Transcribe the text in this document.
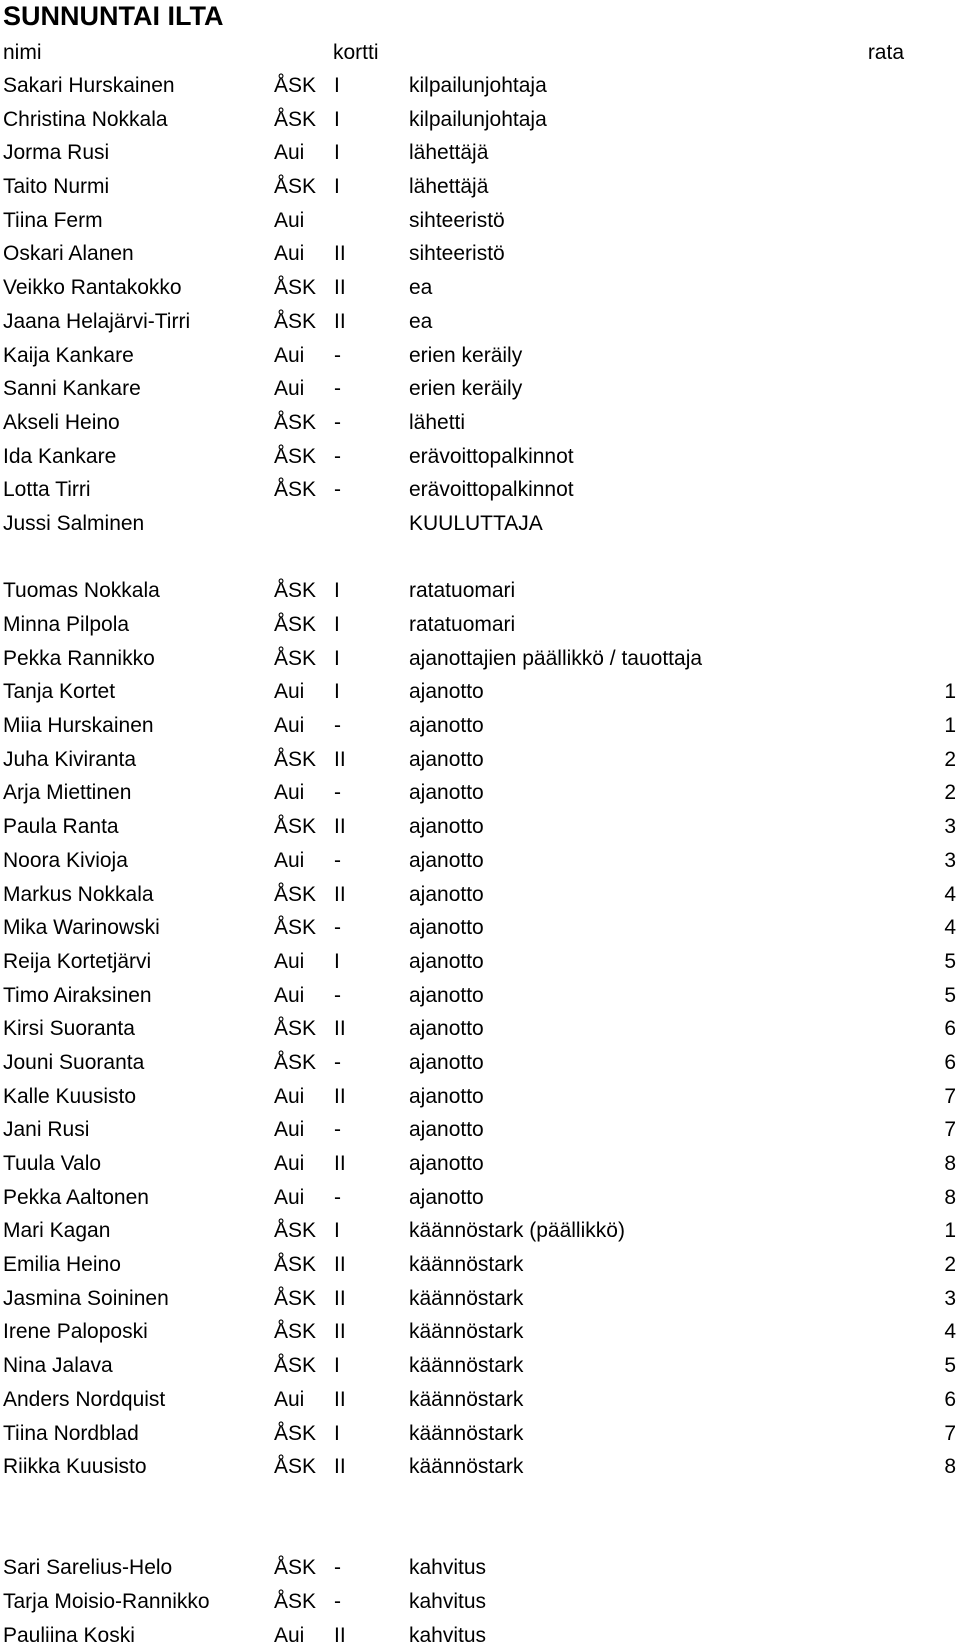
SUNNUNTAI ILTA
nimi	kortti	rata
Sakari Hurskainen	ÅSK I	kilpailunjohtaja
Christina Nokkala	ÅSK I	kilpailunjohtaja
Jorma Rusi	Aui I	lähettäjä
Taito Nurmi	ÅSK I	lähettäjä
Tiina Ferm	Aui	sihteeristö
Oskari Alanen	Aui II	sihteeristö
Veikko Rantakokko	ÅSK II	ea
Jaana Helajärvi-Tirri	ÅSK II	ea
Kaija Kankare	Aui -	erien keräily
Sanni Kankare	Aui -	erien keräily
Akseli Heino	ÅSK -	lähetti
Ida Kankare	ÅSK -	erävoittopalkinnot
Lotta Tirri	ÅSK -	erävoittopalkinnot
Jussi Salminen	KUULUTTAJA
Tuomas Nokkala	ÅSK I	ratatuomari
Minna Pilpola	ÅSK I	ratatuomari
Pekka Rannikko	ÅSK I	ajanottajien päällikkö / tauottaja
Tanja Kortet	Aui I	ajanotto	1
Miia Hurskainen	Aui -	ajanotto	1
Juha Kiviranta	ÅSK II	ajanotto	2
Arja Miettinen	Aui -	ajanotto	2
Paula Ranta	ÅSK II	ajanotto	3
Noora Kivioja	Aui -	ajanotto	3
Markus Nokkala	ÅSK II	ajanotto	4
Mika Warinowski	ÅSK -	ajanotto	4
Reija Kortetjärvi	Aui I	ajanotto	5
Timo Airaksinen	Aui -	ajanotto	5
Kirsi Suoranta	ÅSK II	ajanotto	6
Jouni Suoranta	ÅSK -	ajanotto	6
Kalle Kuusisto	Aui II	ajanotto	7
Jani Rusi	Aui -	ajanotto	7
Tuula Valo	Aui II	ajanotto	8
Pekka Aaltonen	Aui -	ajanotto	8
Mari Kagan	ÅSK I	käännöstark (päällikkö)	1
Emilia Heino	ÅSK II	käännöstark	2
Jasmina Soininen	ÅSK II	käännöstark	3
Irene Paloposki	ÅSK II	käännöstark	4
Nina Jalava	ÅSK I	käännöstark	5
Anders Nordquist	Aui II	käännöstark	6
Tiina Nordblad	ÅSK I	käännöstark	7
Riikka Kuusisto	ÅSK II	käännöstark	8
Sari Sarelius-Helo	ÅSK -	kahvitus
Tarja Moisio-Rannikko	ÅSK -	kahvitus
Pauliina Koski	Aui II	kahvitus
